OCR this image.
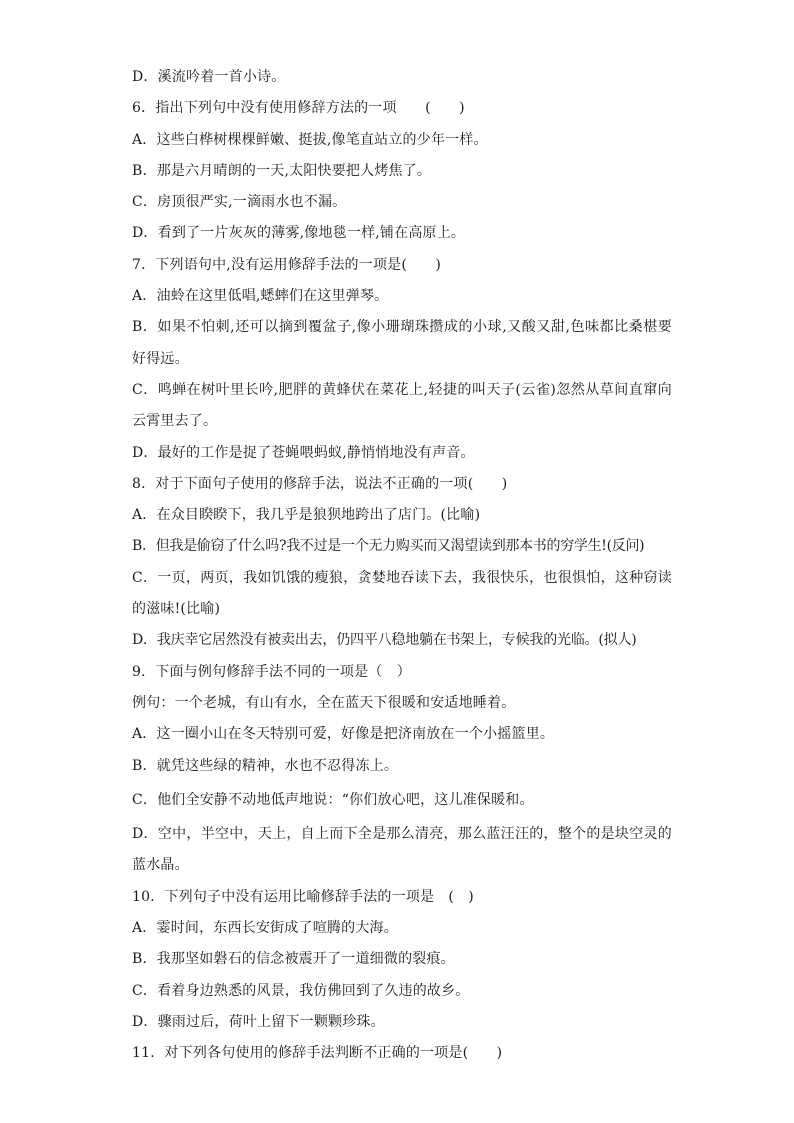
D．溪流吟着一首小诗。
6．指出下列句中没有使用修辞方法的一项　　(　　)
A．这些白桦树棵棵鲜嫩、挺拔,像笔直站立的少年一样。
B．那是六月晴朗的一天,太阳快要把人烤焦了。
C．房顶很严实,一滴雨水也不漏。
D．看到了一片灰灰的薄雾,像地毯一样,铺在高原上。
7．下列语句中,没有运用修辞手法的一项是(　　)
A．油蛉在这里低唱,蟋蟀们在这里弹琴。
B．如果不怕刺,还可以摘到覆盆子,像小珊瑚珠攒成的小球,又酸又甜,色味都比桑椹要好得远。
C．鸣蝉在树叶里长吟,肥胖的黄蜂伏在菜花上,轻捷的叫天子(云雀)忽然从草间直窜向云霄里去了。
D．最好的工作是捉了苍蝇喂蚂蚁,静悄悄地没有声音。
8．对于下面句子使用的修辞手法，说法不正确的一项(　　)
A．在众目睽睽下，我几乎是狼狈地跨出了店门。(比喻)
B．但我是偷窃了什么吗?我不过是一个无力购买而又渴望读到那本书的穷学生!(反问)
C．一页，两页，我如饥饿的瘦狼，贪婪地吞读下去，我很快乐，也很惧怕，这种窃读的滋味!(比喻)
D．我庆幸它居然没有被卖出去，仍四平八稳地躺在书架上，专候我的光临。(拟人)
9．下面与例句修辞手法不同的一项是（　）
例句：一个老城，有山有水，全在蓝天下很暖和安适地睡着。
A．这一圈小山在冬天特别可爱，好像是把济南放在一个小摇篮里。
B．就凭这些绿的精神，水也不忍得冻上。
C．他们全安静不动地低声地说：“你们放心吧，这儿准保暖和。
D．空中，半空中，天上，自上而下全是那么清亮，那么蓝汪汪的，整个的是块空灵的蓝水晶。
10．下列句子中没有运用比喻修辞手法的一项是　(　)
A．霎时间，东西长安街成了喧腾的大海。
B．我那坚如磐石的信念被震开了一道细微的裂痕。
C．看着身边熟悉的风景，我仿佛回到了久违的故乡。
D．骤雨过后，荷叶上留下一颗颗珍珠。
11．对下列各句使用的修辞手法判断不正确的一项是(　　)
